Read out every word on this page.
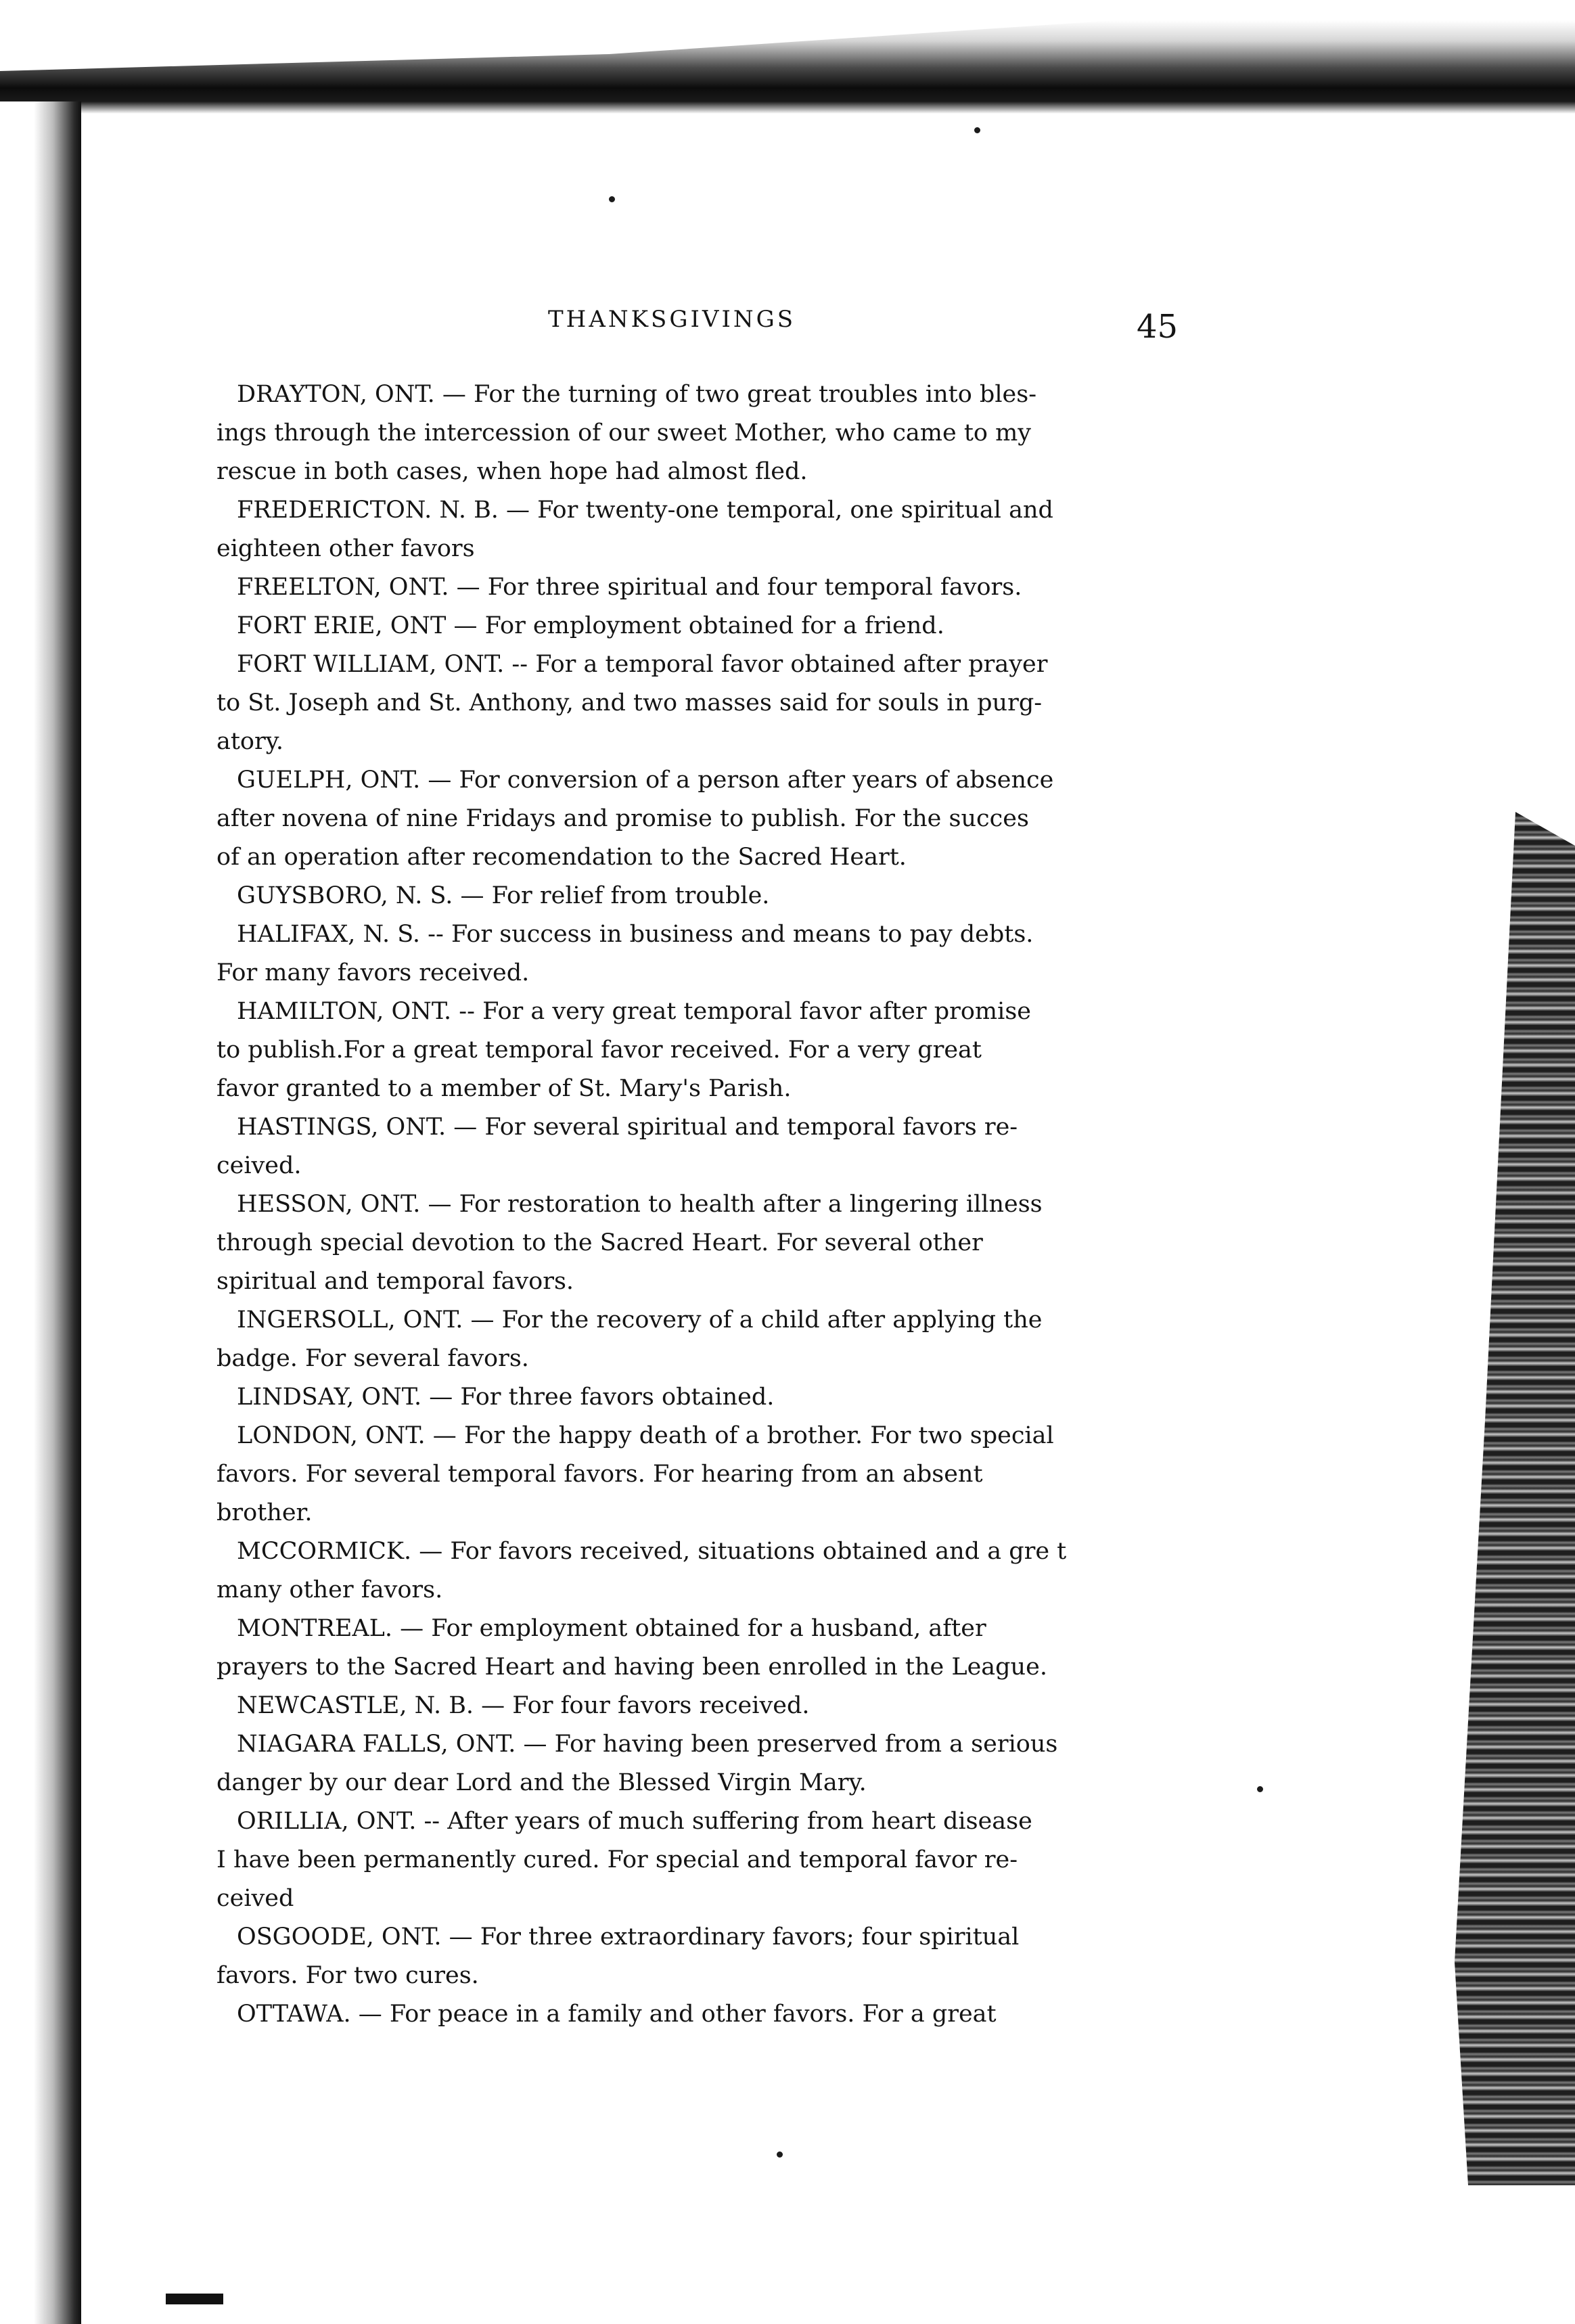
THANKSGIVINGS	45
DRAYTON, ONT. — For the turning of two great troubles into bles-
ings through the intercession of our sweet Mother, who came to my
rescue in both cases, when hope had almost fled.
FREDERICTON. N. B. — For twenty-one temporal, one spiritual and
eighteen other favors
FREELTON, ONT. — For three spiritual and four temporal favors.
FORT ERIE, ONT — For employment obtained for a friend.
FORT WILLIAM, ONT. -- For a temporal favor obtained after prayer
to St. Joseph and St. Anthony, and two masses said for souls in purg-
atory.
GUELPH, ONT. — For conversion of a person after years of absence
after novena of nine Fridays and promise to publish. For the succes
of an operation after recomendation to the Sacred Heart.
GUYSBORO, N. S. — For relief from trouble.
HALIFAX, N. S. -- For success in business and means to pay debts.
For many favors received.
HAMILTON, ONT. -- For a very great temporal favor after promise
to publish.For a great temporal favor received. For a very great
favor granted to a member of St. Mary's Parish.
HASTINGS, ONT. — For several spiritual and temporal favors re-
ceived.
HESSON, ONT. — For restoration to health after a lingering illness
through special devotion to the Sacred Heart. For several other
spiritual and temporal favors.
INGERSOLL, ONT. — For the recovery of a child after applying the
badge. For several favors.
LINDSAY, ONT. — For three favors obtained.
LONDON, ONT. — For the happy death of a brother. For two special
favors. For several temporal favors. For hearing from an absent
brother.
MCCORMICK. — For favors received, situations obtained and a gre t
many other favors.
MONTREAL. — For employment obtained for a husband, after
prayers to the Sacred Heart and having been enrolled in the League.
NEWCASTLE, N. B. — For four favors received.
NIAGARA FALLS, ONT. — For having been preserved from a serious
danger by our dear Lord and the Blessed Virgin Mary.
ORILLIA, ONT. -- After years of much suffering from heart disease
I have been permanently cured. For special and temporal favor re-
ceived
OSGOODE, ONT. — For three extraordinary favors; four spiritual
favors. For two cures.
OTTAWA. — For peace in a family and other favors. For a great
